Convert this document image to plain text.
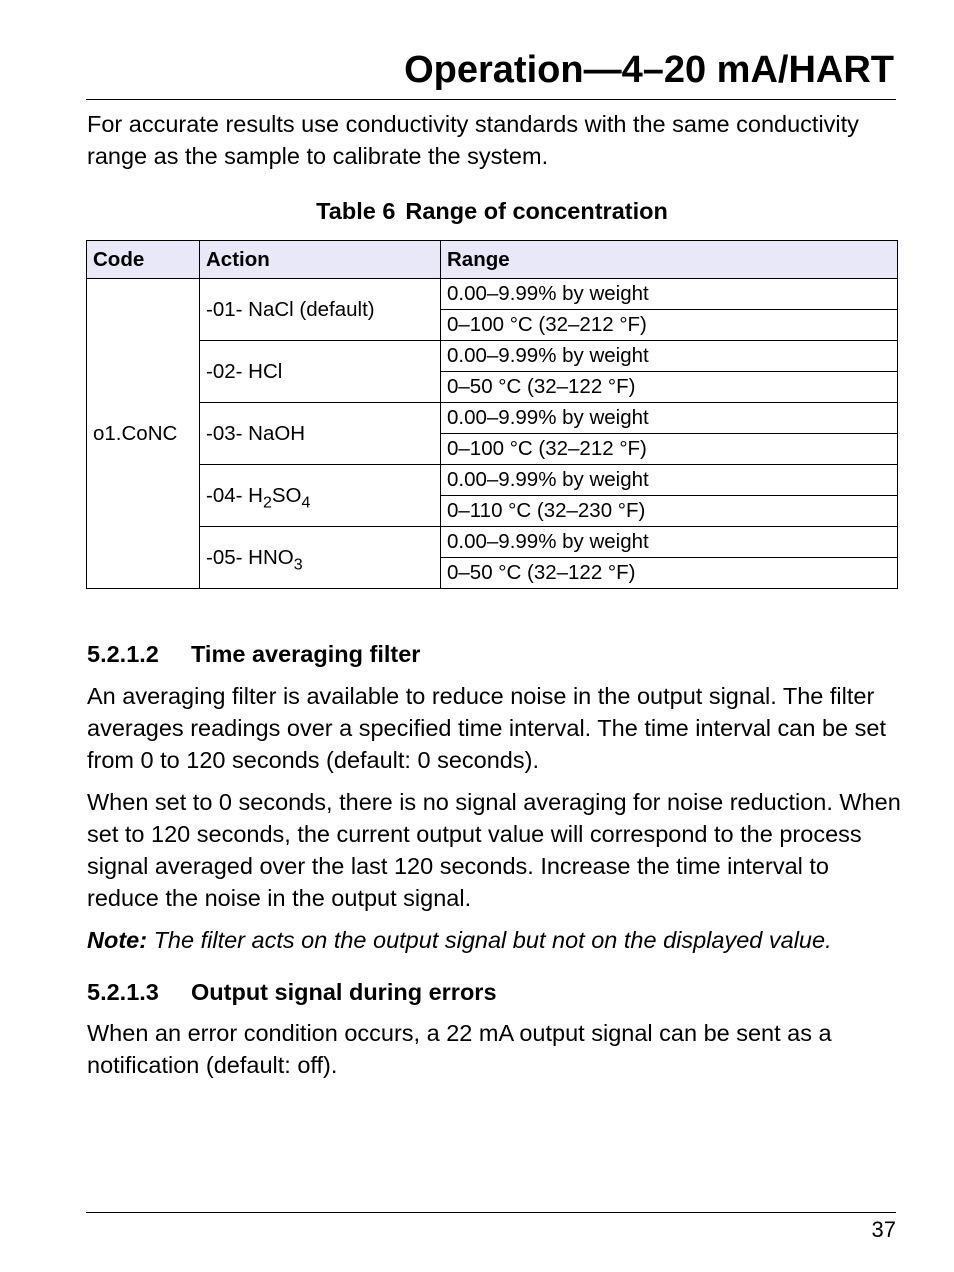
Operation—4–20 mA/HART

For accurate results use conductivity standards with the same conductivity range as the sample to calibrate the system.

Table 6 Range of concentration

Code	Action	Range
o1.CoNC	-01- NaCl (default)	0.00–9.99% by weight
		0–100 °C (32–212 °F)
	-02- HCl	0.00–9.99% by weight
		0–50 °C (32–122 °F)
	-03- NaOH	0.00–9.99% by weight
		0–100 °C (32–212 °F)
	-04- $H_2SO_4$	0.00–9.99% by weight
		0–110 °C (32–230 °F)
	-05- $HNO_3$	0.00–9.99% by weight
		0–50 °C (32–122 °F)
5.2.1.2 Time averaging filter

An averaging filter is available to reduce noise in the output signal. The filter averages readings over a specified time interval. The time interval can be set from 0 to 120 seconds (default: 0 seconds).

When set to 0 seconds, there is no signal averaging for noise reduction. When set to 120 seconds, the current output value will correspond to the process signal averaged over the last 120 seconds. Increase the time interval to reduce the noise in the output signal.

Note: The filter acts on the output signal but not on the displayed value.

5.2.1.3 Output signal during errors

When an error condition occurs, a 22 mA output signal can be sent as a notification (default: off).

37
